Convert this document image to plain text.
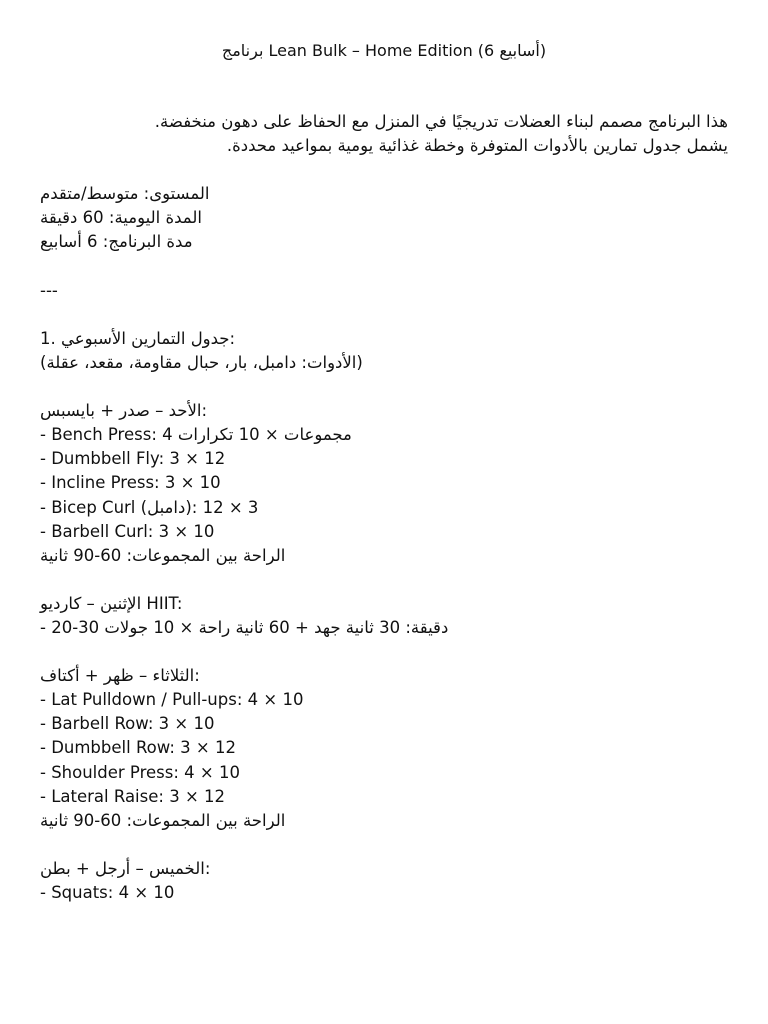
برنامج Lean Bulk – Home Edition (6 أسابيع)

هذا البرنامج مصمم لبناء العضلات تدريجيًا في المنزل مع الحفاظ على دهون منخفضة.

يشمل جدول تمارين بالأدوات المتوفرة وخطة غذائية يومية بمواعيد محددة.

المستوى: متوسط/متقدم
المدة اليومية: 60 دقيقة
مدة البرنامج: 6 أسابيع
---
1. جدول التمارين الأسبوعي:
(الأدوات: دامبل، بار، حبال مقاومة، مقعد، عقلة)
الأحد – صدر + بايسبس:
- Bench Press: 4 مجموعات × 10 تكرارات
- Dumbbell Fly: 3 × 12
- Incline Press: 3 × 10
- Bicep Curl (دامبل): 3 × 12
- Barbell Curl: 3 × 10
الراحة بين المجموعات: 60-90 ثانية
الإثنين – كارديو HIIT:
- 20-30 دقيقة: 30 ثانية جهد + 60 ثانية راحة × 10 جولات
الثلاثاء – ظهر + أكتاف:
- Lat Pulldown / Pull-ups: 4 × 10
- Barbell Row: 3 × 10
- Dumbbell Row: 3 × 12
- Shoulder Press: 4 × 10
- Lateral Raise: 3 × 12
الراحة بين المجموعات: 60-90 ثانية
الخميس – أرجل + بطن:
- Squats: 4 × 10
